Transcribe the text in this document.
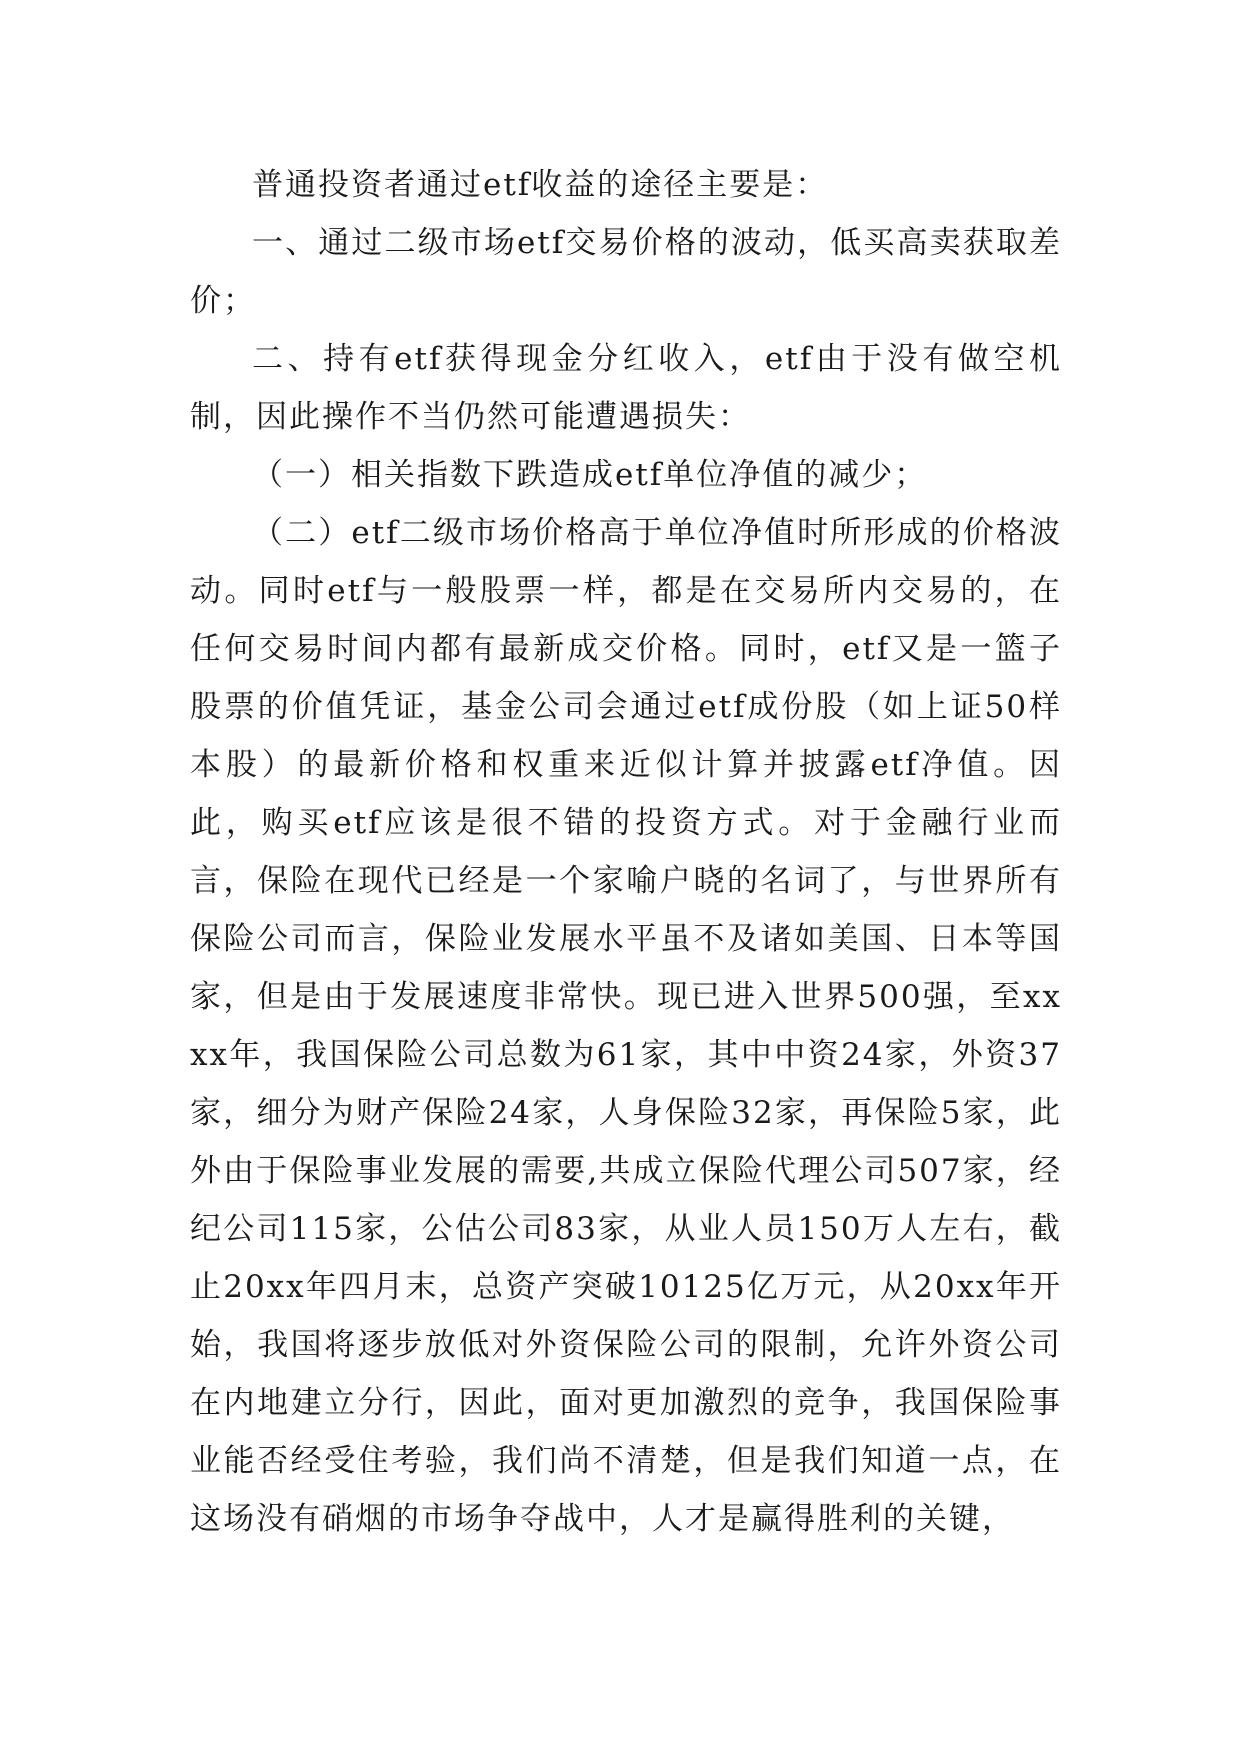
普通投资者通过etf收益的途径主要是：

一、通过二级市场etf交易价格的波动，低买高卖获取差价；

二、持有etf获得现金分红收入，etf由于没有做空机制，因此操作不当仍然可能遭遇损失：

（一）相关指数下跌造成etf单位净值的减少；

（二）etf二级市场价格高于单位净值时所形成的价格波动。同时etf与一般股票一样，都是在交易所内交易的，在任何交易时间内都有最新成交价格。同时，etf又是一篮子股票的价值凭证，基金公司会通过etf成份股（如上证50样本股）的最新价格和权重来近似计算并披露etf净值。因此，购买etf应该是很不错的投资方式。对于金融行业而言，保险在现代已经是一个家喻户晓的名词了，与世界所有保险公司而言，保险业发展水平虽不及诸如美国、日本等国家，但是由于发展速度非常快。现已进入世界500强，至xxxx年，我国保险公司总数为61家，其中中资24家，外资37家，细分为财产保险24家，人身保险32家，再保险5家，此外由于保险事业发展的需要,共成立保险代理公司507家，经纪公司115家，公估公司83家，从业人员150万人左右，截止20xx年四月末，总资产突破10125亿万元，从20xx年开始，我国将逐步放低对外资保险公司的限制，允许外资公司在内地建立分行，因此，面对更加激烈的竞争，我国保险事业能否经受住考验，我们尚不清楚，但是我们知道一点，在这场没有硝烟的市场争夺战中，人才是赢得胜利的关键，
